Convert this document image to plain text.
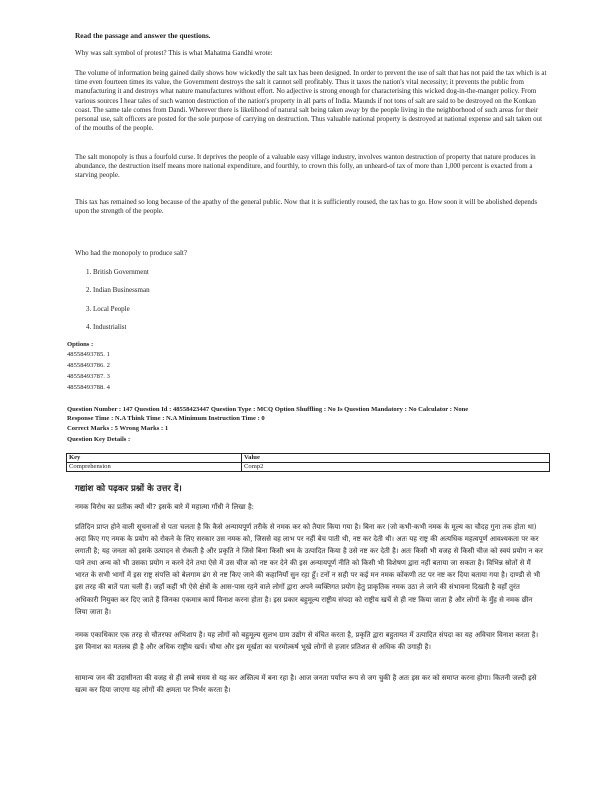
Read the passage and answer the questions.
Why was salt symbol of protest? This is what Mahatma Gandhi wrote:
The volume of information being gained daily shows how wickedly the salt tax has been designed. In order to prevent the use of salt that has not paid the tax which is at time even fourteen times its value, the Government destroys the salt it cannot sell profitably. Thus it taxes the nation's vital necessity; it prevents the public from manufacturing it and destroys what nature manufactures without effort. No adjective is strong enough for characterising this wicked dog-in-the-manger policy. From various sources I hear tales of such wanton destruction of the nation's property in all parts of India. Maunds if not tons of salt are said to be destroyed on the Konkan coast. The same tale comes from Dandi. Wherever there is likelihood of natural salt being taken away by the people living in the neighborhood of such areas for their personal use, salt officers are posted for the sole purpose of carrying on destruction. Thus valuable national property is destroyed at national expense and salt taken out of the mouths of the people.
The salt monopoly is thus a fourfold curse. It deprives the people of a valuable easy village industry, involves wanton destruction of property that nature produces in abundance, the destruction itself means more national expenditure, and fourthly, to crown this folly, an unheard-of tax of more than 1,000 percent is exacted from a starving people.
This tax has remained so long because of the apathy of the general public. Now that it is sufficiently roused, the tax has to go. How soon it will be abolished depends upon the strength of the people.
Who had the monopoly to produce salt?
1. British Government
2. Indian Businessman
3. Local People
4. Industrialist
Options :
48558493785. 1
48558493786. 2
48558493787. 3
48558493788. 4
Question Number : 147 Question Id : 48558423447 Question Type : MCQ Option Shuffling : No Is Question Mandatory : No Calculator : None
Response Time : N.A Think Time : N.A Minimum Instruction Time : 0
Correct Marks : 5 Wrong Marks : 1
Question Key Details :
Key	Value
Comprehension	Comp2
गद्यांश को पढ़कर प्रश्नों के उत्तर दें।
नमक विरोध का प्रतीक क्यों थी? इसके बारे में महात्मा गाँधी ने लिखा है:
प्रतिदिन प्राप्त होने वाली सूचनाओं से पता चलता है कि कैसे अन्यायपूर्ण तरीके से नमक कर को तैयार किया गया है। बिना कर (जो कभी-कभी नमक के मूल्य का चौदह गुना तक होता था) अदा किए गए नमक के प्रयोग को रोकने के लिए सरकार उस नमक को, जिससे वह लाभ पर नहीं बेच पाती थी, नष्ट कर देती थी। अतः यह राष्ट्र की अत्यधिक महत्वपूर्ण आवश्यकता पर कर लगाती है; यह जनता को इसके उत्पादन से रोकती है और प्रकृति ने जिसे बिना किसी श्रम के उत्पादित किया है उसे नष्ट कर देती है। अतः किसी भी वजह से किसी चीज को स्वयं प्रयोग न कर पाने तथा अन्य को भी उसका प्रयोग न करने देने तथा ऐसे में उस चीज को नष्ट कर देने की इस अन्यायपूर्ण नीति को किसी भी विशेषण द्वारा नहीं बताया जा सकता है। विभिन्न स्रोतों से मैं भारत के सभी भागों में इस राष्ट्र संपत्ति को बेलगाम ढंग से नष्ट किए जाने की कहानियाँ सुन रहा हूँ। टनों न सही पर कई मन नमक कोंकणी तट पर नष्ट कर दिया बताया गया है। दाण्डी से भी इस तरह की बातें पता चली हैं। जहाँ कहीं भी ऐसे क्षेत्रों के आस-पास रहने वाले लोगों द्वारा अपने व्यक्तिगत प्रयोग हेतु प्राकृतिक नमक उठा ले जाने की संभावना दिखती है वहाँ तुरंत अधिकारी नियुक्त कर दिए जाते हैं जिनका एकमात्र कार्य विनाश करना होता है। इस प्रकार बहुमूल्य राष्ट्रीय संपदा को राष्ट्रीय खर्चे से ही नष्ट किया जाता है और लोगों के मुँह से नमक छीन लिया जाता है।
नमक एकाधिकार एक तरह से चौतरफा अभिशाप है। यह लोगों को बहुमूल्य सुलभ ग्राम उद्योग से वंचित करता है, प्रकृति द्वारा बहुतायत में उत्पादित संपदा का यह अविचार विनाश करता है। इस विनाश का मतलब ही है और अधिक राष्ट्रीय खर्च। चौथा और इस मूर्खता का चरमोत्कर्ष भूखे लोगों से हजार प्रतिशत से अधिक की उगाही है।
सामान्य जन की उदासीनता की वजह से ही लम्बे समय से यह कर अस्तित्व में बना रहा है। आज जनता पर्याप्त रूप से जग चुकी है अतः इस कर को समाप्त करना होगा। कितनी जल्दी इसे खत्म कर दिया जाएगा यह लोगों की क्षमता पर निर्भर करता है।
